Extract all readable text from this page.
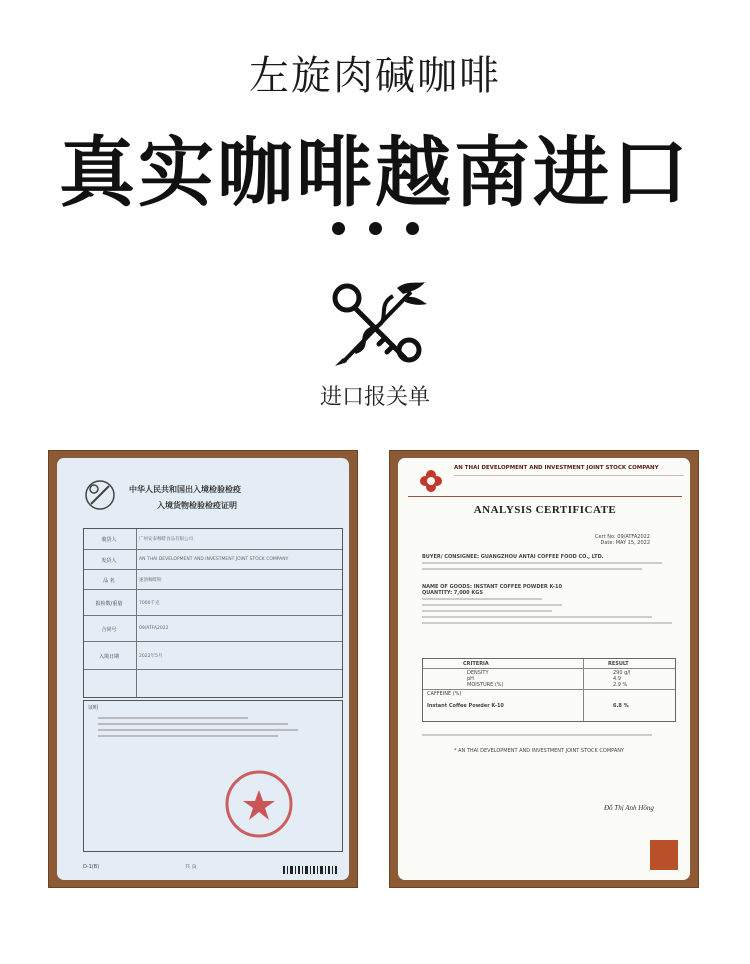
左旋肉碱咖啡
真实咖啡越南进口
进口报关单
中华人民共和国出入境检验检疫
入境货物检验检疫证明
收货人	广州安泰咖啡食品有限公司
发货人	AN THAI DEVELOPMENT AND INVESTMENT JOINT STOCK COMPANY
品 名	速溶咖啡粉
报检数/重量	7000千克
合同号	09/ATFA2022
入境日期	2022年5月
证明
D-1(B)	共 页
AN THAI DEVELOPMENT AND INVESTMENT JOINT STOCK COMPANY
ANALYSIS CERTIFICATE
Cert No: 09/ATFA2022
Date: MAY 15, 2022
BUYER/ CONSIGNEE: GUANGZHOU ANTAI COFFEE FOOD CO., LTD.
NAME OF GOODS: INSTANT COFFEE POWDER K-10
QUANTITY: 7,000 KGS
CRITERIA	RESULT
DENSITY	290 g/l
pH	4.9
MOISTURE (%)	2.9 %
CAFFEINE (%)
Instant Coffee Powder K-10	6.8 %
* AN THAI DEVELOPMENT AND INVESTMENT JOINT STOCK COMPANY
Đỗ Thị Anh Hồng
